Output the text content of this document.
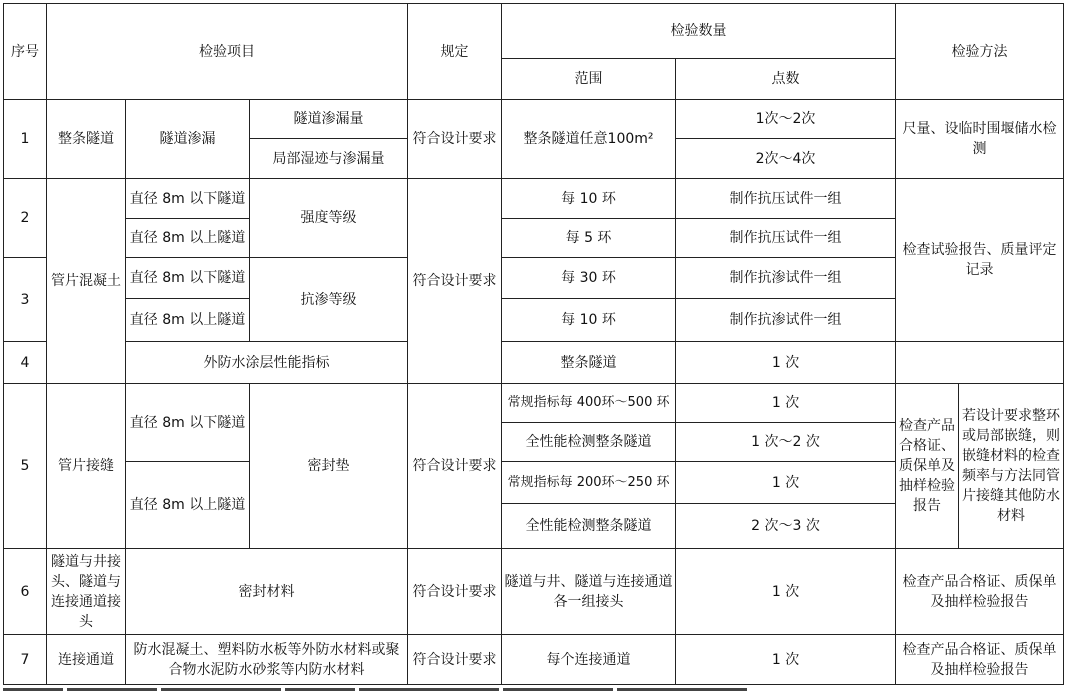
序号	检验项目			规定	检验数量		检验方法	
					范围	点数		
1	整条隧道	隧道渗漏	隧道渗漏量	符合设计要求	整条隧道任意100m²	1次～2次	尺量、设临时围堰储水检测	
			局部湿迹与渗漏量			2次～4次		
2	管片混凝土	直径 8m 以下隧道	强度等级	符合设计要求	每 10 环	制作抗压试件一组	检查试验报告、质量评定记录	
		直径 8m 以上隧道			每 5 环	制作抗压试件一组		
3		直径 8m 以下隧道	抗渗等级		每 30 环	制作抗渗试件一组		
		直径 8m 以上隧道			每 10 环	制作抗渗试件一组		
4		外防水涂层性能指标			整条隧道	1 次		
5	管片接缝	直径 8m 以下隧道	密封垫	符合设计要求	常规指标每 400环～500 环	1 次	检查产品合格证、质保单及抽样检验报告	若设计要求整环或局部嵌缝，则嵌缝材料的检查频率与方法同管片接缝其他防水材料
					全性能检测整条隧道	1 次～2 次		
		直径 8m 以上隧道			常规指标每 200环～250 环	1 次		
					全性能检测整条隧道	2 次～3 次		
6	隧道与井接头、隧道与连接通道接头	密封材料		符合设计要求	隧道与井、隧道与连接通道各一组接头	1 次	检查产品合格证、质保单及抽样检验报告	
7	连接通道	防水混凝土、塑料防水板等外防水材料或聚合物水泥防水砂浆等内防水材料		符合设计要求	每个连接通道	1 次	检查产品合格证、质保单及抽样检验报告	
